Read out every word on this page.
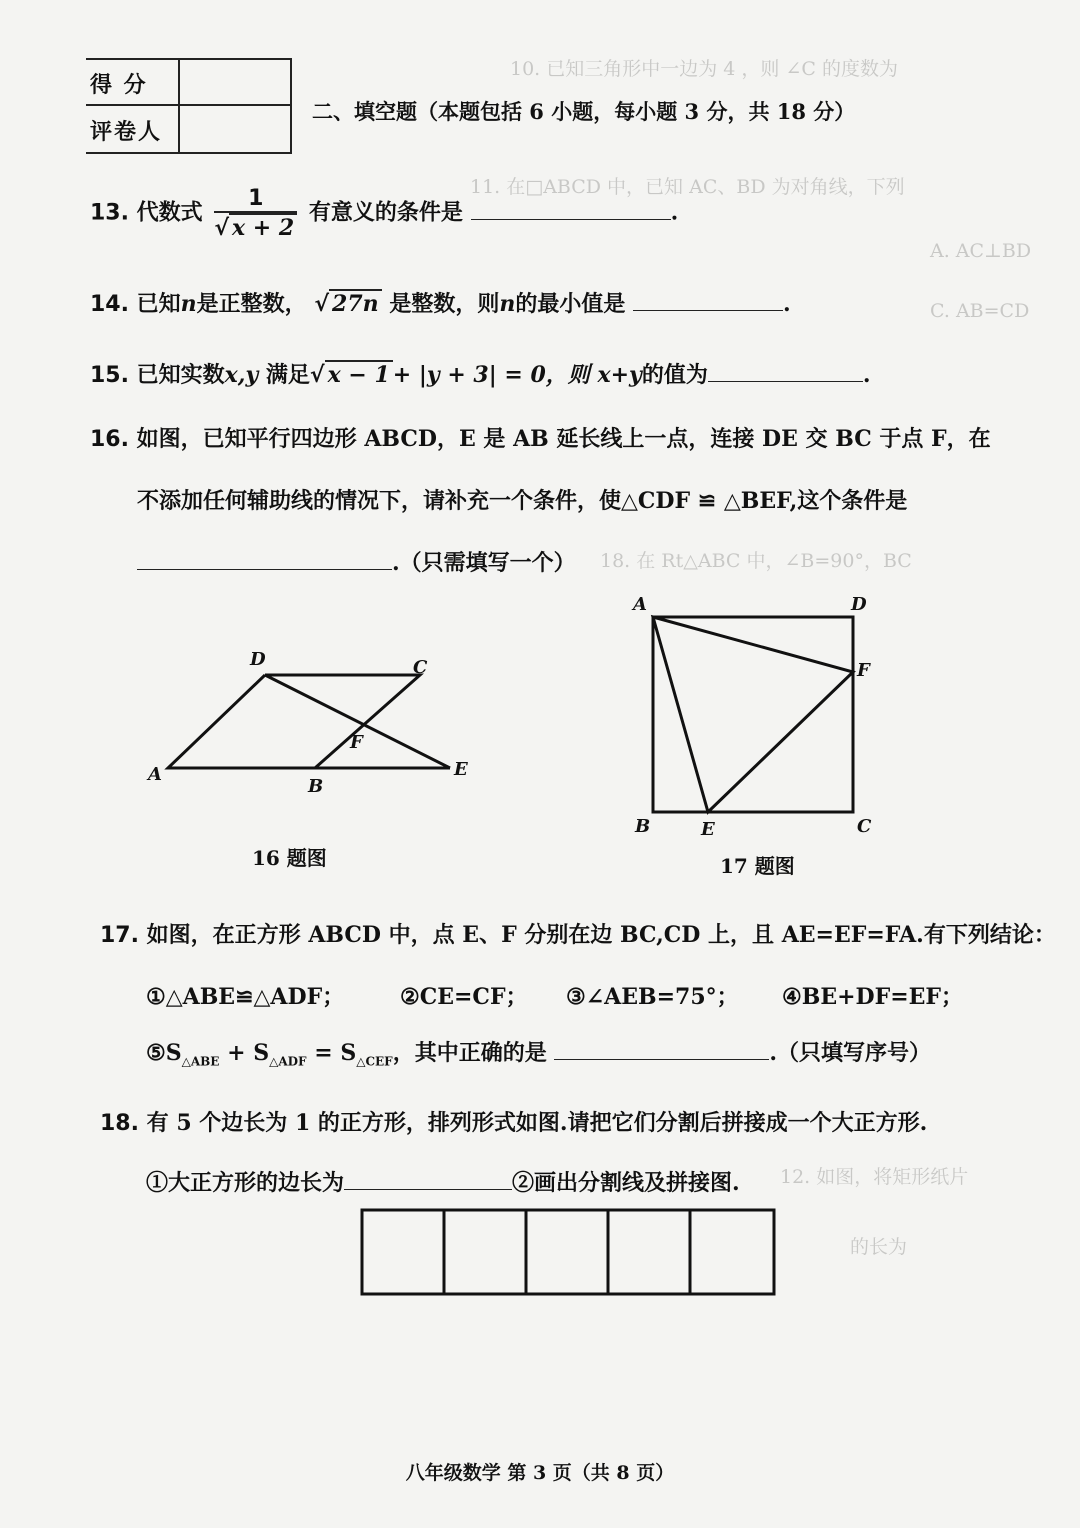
10. 已知三角形中一边为 4 ，则 ∠C 的度数为
11. 在□ABCD 中，已知 AC、BD 为对角线，下列
A. AC⊥BD
C. AB=CD
18. 在 Rt△ABC 中，∠B=90°，BC
12. 如图，将矩形纸片
的长为
得 分
评卷人
二、填空题（本题包括 6 小题，每小题 3 分，共 18 分）
13. 代数式 $\frac{1}{√ x + 2}$ 有意义的条件是	.
14. 已知n是正整数， √ 27n 是整数，则n的最小值是	.
15. 已知实数x,y 满足√ x − 1 + |y + 3| = 0，则 x+y的值为	.
16. 如图，已知平行四边形 ABCD，E 是 AB 延长线上一点，连接 DE 交 BC 于点 F，在
不添加任何辅助线的情况下，请补充一个条件，使△CDF ≌ △BEF,这个条件是
.（只需填写一个）
D	C
A
B
E
F
16 题图
A	D
F
B	E	C
17 题图
17. 如图，在正方形 ABCD 中，点 E、F 分别在边 BC,CD 上，且 AE=EF=FA.有下列结论：
①△ABE≌△ADF；	②CE=CF； ③∠AEB=75°； ④BE+DF=EF；
$⑤S_{\triangle ABE} + S_{\triangle ADF} = S_{\triangle CEF}$，其中正确的是	.（只填写序号）
18. 有 5 个边长为 1 的正方形，排列形式如图.请把它们分割后拼接成一个大正方形.
①大正方形的边长为	②画出分割线及拼接图.
八年级数学 第 3 页（共 8 页）
